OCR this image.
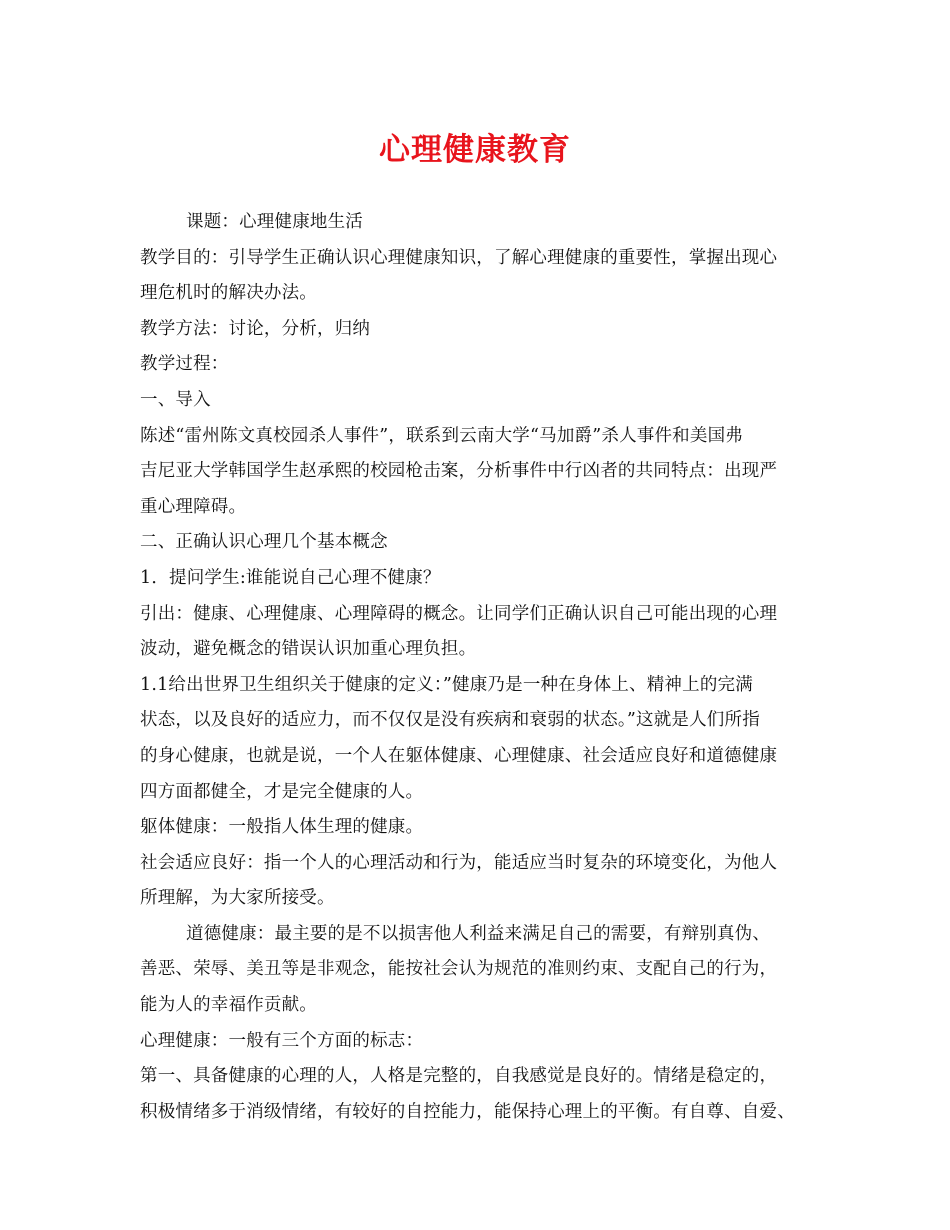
心理健康教育
课题：心理健康地生活
教学目的：引导学生正确认识心理健康知识，了解心理健康的重要性，掌握出现心
理危机时的解决办法。
教学方法：讨论，分析，归纳
教学过程：
一、导入
陈述“雷州陈文真校园杀人事件”，联系到云南大学“马加爵”杀人事件和美国弗
吉尼亚大学韩国学生赵承熙的校园枪击案，分析事件中行凶者的共同特点：出现严
重心理障碍。
二、正确认识心理几个基本概念
1．提问学生:谁能说自己心理不健康？
引出：健康、心理健康、心理障碍的概念。让同学们正确认识自己可能出现的心理
波动，避免概念的错误认识加重心理负担。
1.1给出世界卫生组织关于健康的定义：”健康乃是一种在身体上、精神上的完满
状态，以及良好的适应力，而不仅仅是没有疾病和衰弱的状态。”这就是人们所指
的身心健康，也就是说，一个人在躯体健康、心理健康、社会适应良好和道德健康
四方面都健全，才是完全健康的人。
躯体健康：一般指人体生理的健康。
社会适应良好：指一个人的心理活动和行为，能适应当时复杂的环境变化，为他人
所理解，为大家所接受。
道德健康：最主要的是不以损害他人利益来满足自己的需要，有辩别真伪、
善恶、荣辱、美丑等是非观念，能按社会认为规范的准则约束、支配自己的行为，
能为人的幸福作贡献。
心理健康：一般有三个方面的标志：
第一、具备健康的心理的人，人格是完整的，自我感觉是良好的。情绪是稳定的，
积极情绪多于消级情绪，有较好的自控能力，能保持心理上的平衡。有自尊、自爱、
